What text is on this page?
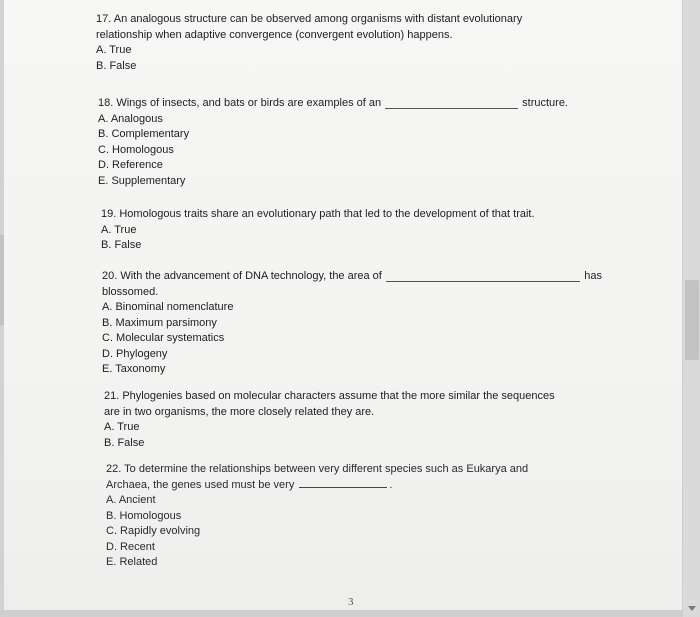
17. An analogous structure can be observed among organisms with distant evolutionary
relationship when adaptive convergence (convergent evolution) happens.
A. True
B. False
18. Wings of insects, and bats or birds are examples of an	structure.
A. Analogous
B. Complementary
C. Homologous
D. Reference
E. Supplementary
19. Homologous traits share an evolutionary path that led to the development of that trait.
A. True
B. False
20. With the advancement of DNA technology, the area of	has
blossomed.
A. Binominal nomenclature
B. Maximum parsimony
C. Molecular systematics
D. Phylogeny
E. Taxonomy
21. Phylogenies based on molecular characters assume that the more similar the sequences
are in two organisms, the more closely related they are.
A. True
B. False
22. To determine the relationships between very different species such as Eukarya and
Archaea, the genes used must be very	.
A. Ancient
B. Homologous
C. Rapidly evolving
D. Recent
E. Related
3
